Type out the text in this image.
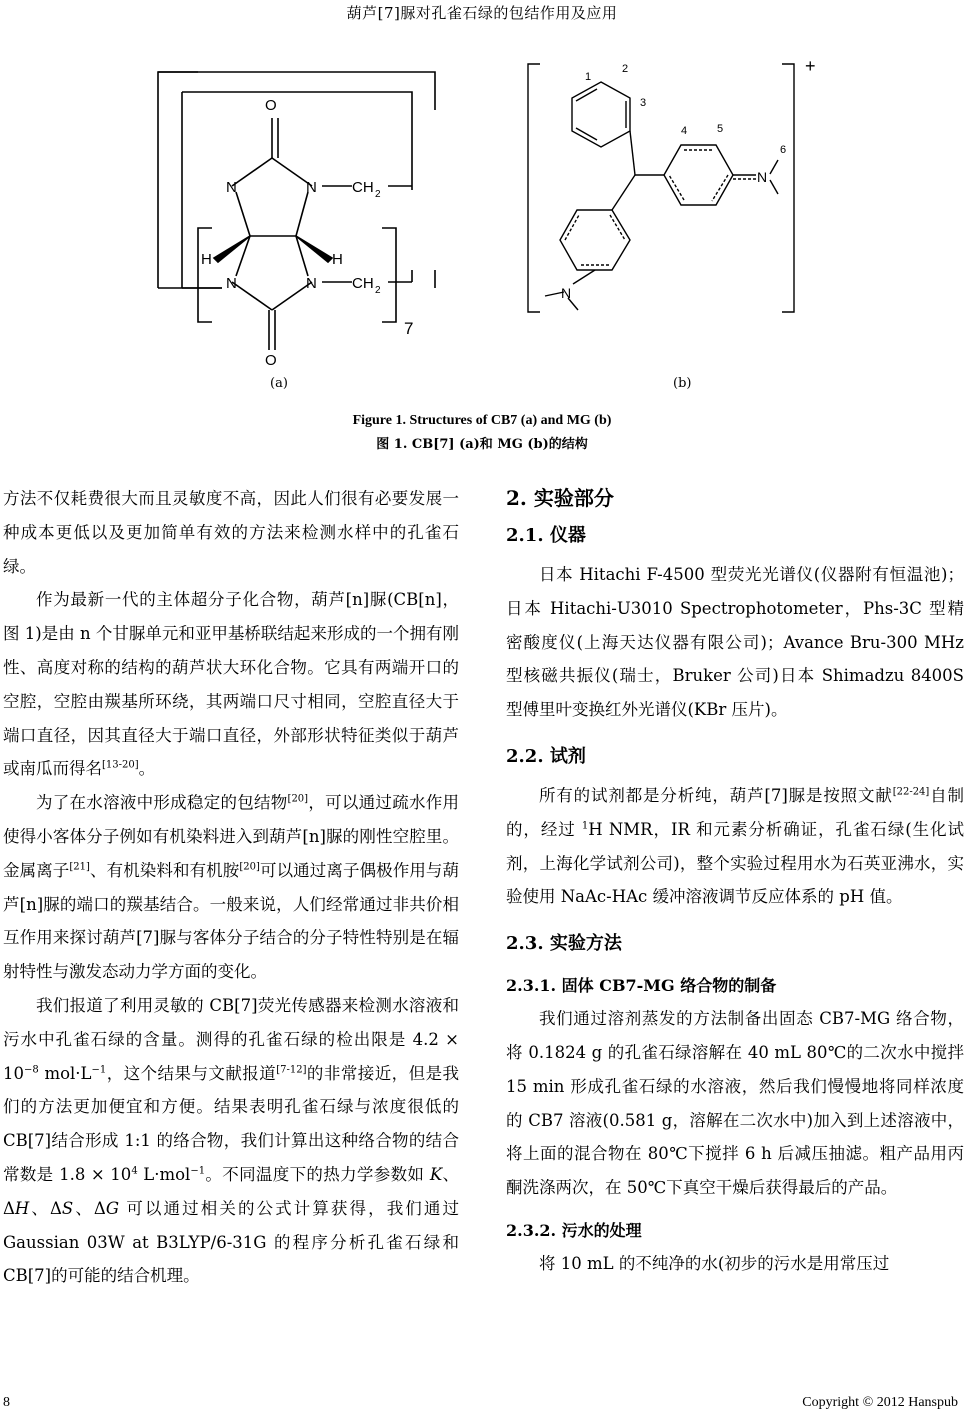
葫芦[7]脲对孔雀石绿的包结作用及应用
O
N	N CH 2
H	H
N	N CH 2
O
7
+
N
N
1
2
3
4	5
6
(a)	(b)
Figure 1. Structures of CB7 (a) and MG (b)
图 1. CB[7] (a)和 MG (b)的结构

方法不仅耗费很大而且灵敏度不高，因此人们很有必要发展一种成本更低以及更加简单有效的方法来检测水样中的孔雀石绿。

作为最新一代的主体超分子化合物，葫芦[n]脲(CB[n]，图 1)是由 n 个甘脲单元和亚甲基桥联结起来形成的一个拥有刚性、高度对称的结构的葫芦状大环化合物。它具有两端开口的空腔，空腔由羰基所环绕，其两端口尺寸相同，空腔直径大于端口直径，因其直径大于端口直径，外部形状特征类似于葫芦或南瓜而得名[13-20]。

为了在水溶液中形成稳定的包结物[20]，可以通过疏水作用使得小客体分子例如有机染料进入到葫芦[n]脲的刚性空腔里。金属离子[21]、有机染料和有机胺[20]可以通过离子偶极作用与葫芦[n]脲的端口的羰基结合。一般来说，人们经常通过非共价相互作用来探讨葫芦[7]脲与客体分子结合的分子特性特别是在辐射特性与激发态动力学方面的变化。

我们报道了利用灵敏的 CB[7]荧光传感器来检测水溶液和污水中孔雀石绿的含量。测得的孔雀石绿的检出限是 $4.2 \times 10^{-8}$ $mol\cdot L^{-1}$，这个结果与文献报道[7-12]的非常接近，但是我们的方法更加便宜和方便。结果表明孔雀石绿与浓度很低的 CB[7]结合形成 1:1 的络合物，我们计算出这种络合物的结合常数是 $1.8 \times 10^4$ L·mol$^{-1}$。不同温度下的热力学参数如 K、ΔH、ΔS、ΔG 可以通过相关的公式计算获得，我们通过 Gaussian 03W at B3LYP/6-31G 的程序分析孔雀石绿和 CB[7]的可能的结合机理。

2. 实验部分
2.1. 仪器

日本 Hitachi F-4500 型荧光光谱仪(仪器附有恒温池)；日本 Hitachi-U3010 Spectrophotometer，Phs-3C 型精密酸度仪(上海天达仪器有限公司)；Avance Bru-300 MHz 型核磁共振仪(瑞士，Bruker 公司)日本 Shimadzu 8400S 型傅里叶变换红外光谱仪(KBr 压片)。

2.2. 试剂

所有的试剂都是分析纯，葫芦[7]脲是按照文献[22-24]自制的，经过 $^1$H NMR，IR 和元素分析确证，孔雀石绿(生化试剂，上海化学试剂公司)，整个实验过程用水为石英亚沸水，实验使用 NaAc-HAc 缓冲溶液调节反应体系的 pH 值。

2.3. 实验方法
2.3.1. 固体 CB7-MG 络合物的制备

我们通过溶剂蒸发的方法制备出固态 CB7-MG 络合物，将 0.1824 g 的孔雀石绿溶解在 40 mL 80℃的二次水中搅拌 15 min 形成孔雀石绿的水溶液，然后我们慢慢地将同样浓度的 CB7 溶液(0.581 g，溶解在二次水中)加入到上述溶液中，将上面的混合物在 80℃下搅拌 6 h 后减压抽滤。粗产品用丙酮洗涤两次，在 50℃下真空干燥后获得最后的产品。

2.3.2. 污水的处理

将 10 mL 的不纯净的水(初步的污水是用常压过

8	Copyright © 2012 Hanspub
